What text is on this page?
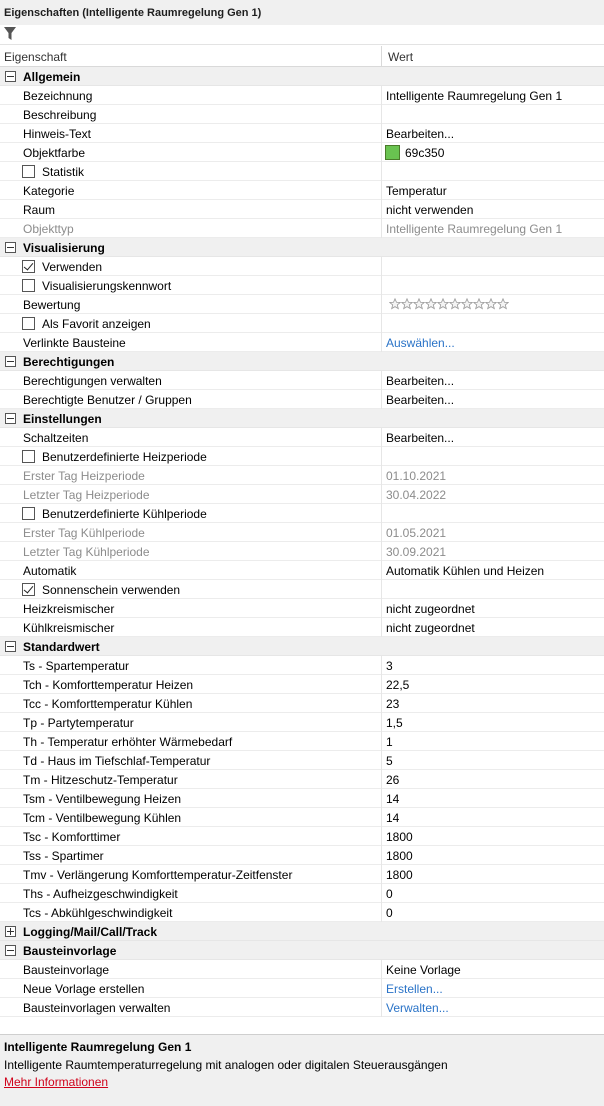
Eigenschaften (Intelligente Raumregelung Gen 1)
Eigenschaft	Wert
Allgemein
Bezeichnung	Intelligente Raumregelung Gen 1
Beschreibung
Hinweis-Text	Bearbeiten...
Objektfarbe	69c350
Statistik
Kategorie	Temperatur
Raum	nicht verwenden
Objekttyp	Intelligente Raumregelung Gen 1
Visualisierung
Verwenden
Visualisierungskennwort
Bewertung
Als Favorit anzeigen
Verlinkte Bausteine	Auswählen...
Berechtigungen
Berechtigungen verwalten	Bearbeiten...
Berechtigte Benutzer / Gruppen	Bearbeiten...
Einstellungen
Schaltzeiten	Bearbeiten...
Benutzerdefinierte Heizperiode
Erster Tag Heizperiode	01.10.2021
Letzter Tag Heizperiode	30.04.2022
Benutzerdefinierte Kühlperiode
Erster Tag Kühlperiode	01.05.2021
Letzter Tag Kühlperiode	30.09.2021
Automatik	Automatik Kühlen und Heizen
Sonnenschein verwenden
Heizkreismischer	nicht zugeordnet
Kühlkreismischer	nicht zugeordnet
Standardwert
Ts - Spartemperatur	3
Tch - Komforttemperatur Heizen	22,5
Tcc - Komforttemperatur Kühlen	23
Tp - Partytemperatur	1,5
Th - Temperatur erhöhter Wärmebedarf	1
Td - Haus im Tiefschlaf-Temperatur	5
Tm - Hitzeschutz-Temperatur	26
Tsm - Ventilbewegung Heizen	14
Tcm - Ventilbewegung Kühlen	14
Tsc - Komforttimer	1800
Tss - Spartimer	1800
Tmv - Verlängerung Komforttemperatur-Zeitfenster	1800
Ths - Aufheizgeschwindigkeit	0
Tcs - Abkühlgeschwindigkeit	0
Logging/Mail/Call/Track
Bausteinvorlage
Bausteinvorlage	Keine Vorlage
Neue Vorlage erstellen	Erstellen...
Bausteinvorlagen verwalten	Verwalten...
Intelligente Raumregelung Gen 1
Intelligente Raumtemperaturregelung mit analogen oder digitalen Steuerausgängen
Mehr Informationen
